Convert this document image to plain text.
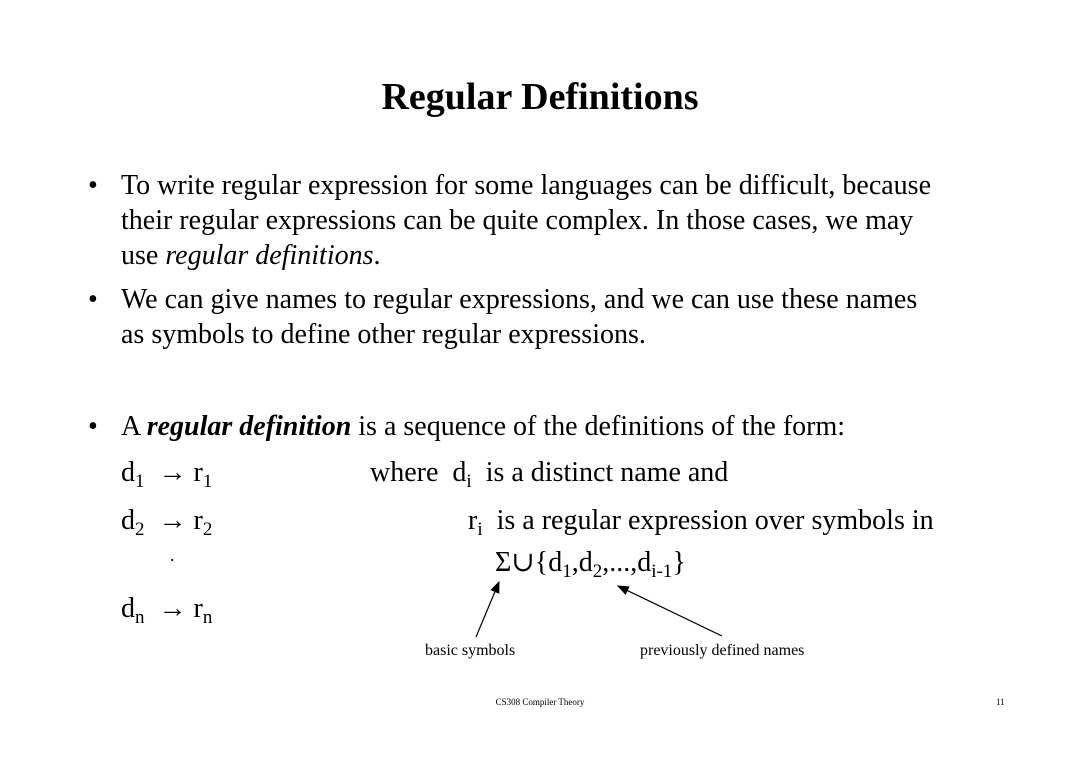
Regular Definitions
• To write regular expression for some languages can be difficult, because
their regular expressions can be quite complex. In those cases, we may
use regular definitions.
• We can give names to regular expressions, and we can use these names
as symbols to define other regular expressions.
• A regular definition is a sequence of the definitions of the form:
$d_1 \to r_1$
$d_2 \to r_2$
.
$d_n \to r_n$
where $d_i$ is a distinct name and
$r_i$ is a regular expression over symbols in
$\Sigma\cup\{d_1,d_2,...,d_{i-1}\}$
basic symbols	previously defined names
CS308 Compiler Theory	11
